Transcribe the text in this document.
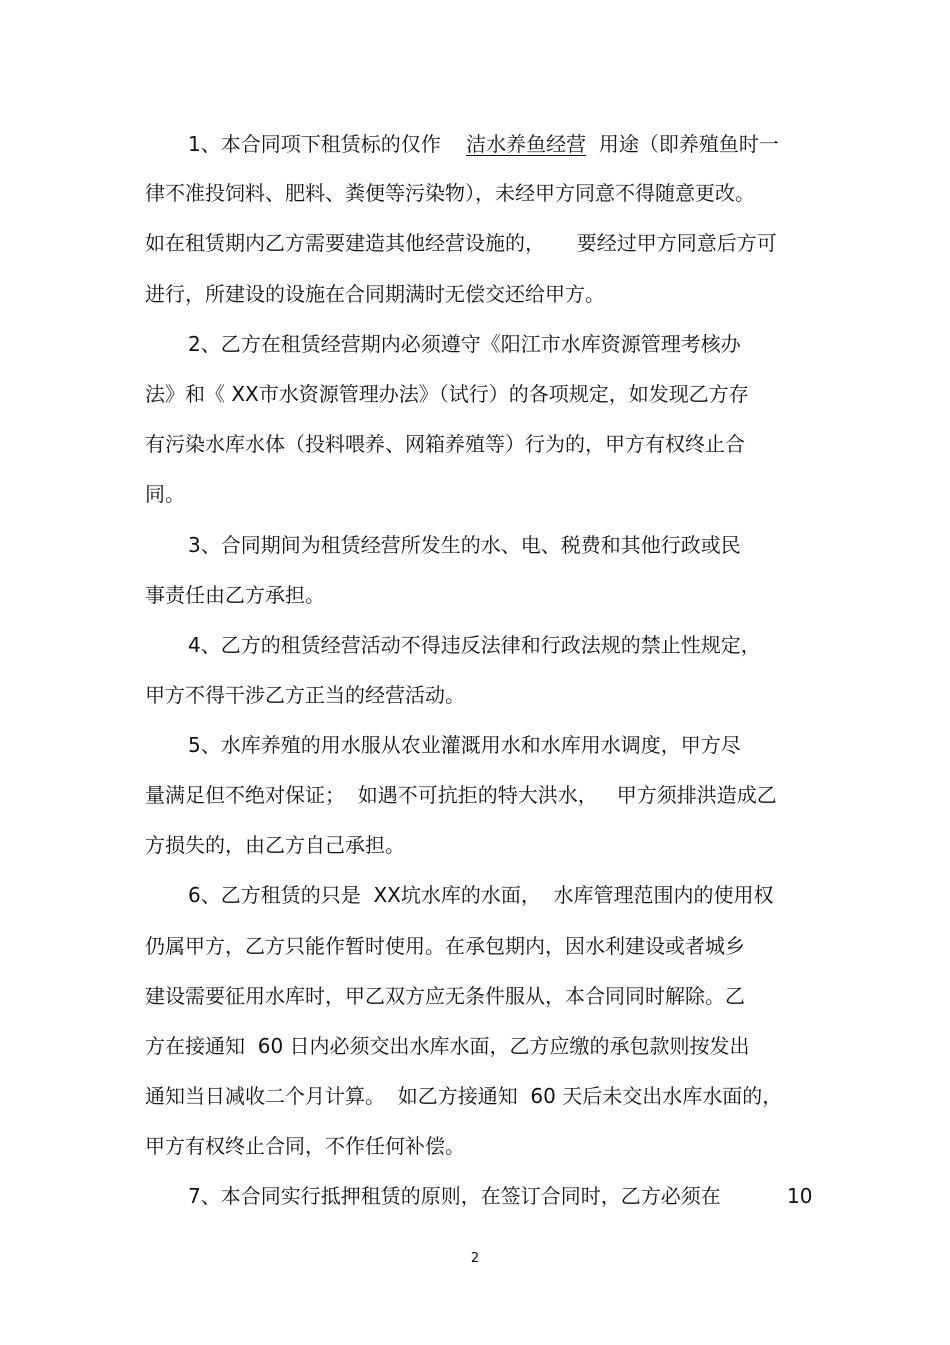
1、本合同项下租赁标的仅作 洁水养鱼经营 用途（即养殖鱼时一
律不准投饲料、肥料、粪便等污染物），未经甲方同意不得随意更改。
如在租赁期内乙方需要建造其他经营设施的，     要经过甲方同意后方可
进行，所建设的设施在合同期满时无偿交还给甲方。
2、乙方在租赁经营期内必须遵守《阳江市水库资源管理考核办
法》和《 XX市水资源管理办法》（试行）的各项规定，如发现乙方存
有污染水库水体（投料喂养、网箱养殖等）行为的，甲方有权终止合
同。
3、合同期间为租赁经营所发生的水、电、税费和其他行政或民
事责任由乙方承担。
4、乙方的租赁经营活动不得违反法律和行政法规的禁止性规定，
甲方不得干涉乙方正当的经营活动。
5、水库养殖的用水服从农业灌溉用水和水库用水调度，甲方尽
量满足但不绝对保证；  如遇不可抗拒的特大洪水，   甲方须排洪造成乙
方损失的，由乙方自己承担。
6、乙方租赁的只是  XX坑水库的水面，  水库管理范围内的使用权
仍属甲方，乙方只能作暂时使用。在承包期内，因水利建设或者城乡
建设需要征用水库时，甲乙双方应无条件服从，本合同同时解除。乙
方在接通知  60 日内必须交出水库水面，乙方应缴的承包款则按发出
通知当日减收二个月计算。  如乙方接通知  60 天后未交出水库水面的，
甲方有权终止合同，不作任何补偿。
7、本合同实行抵押租赁的原则，在签订合同时，乙方必须在	10
2
